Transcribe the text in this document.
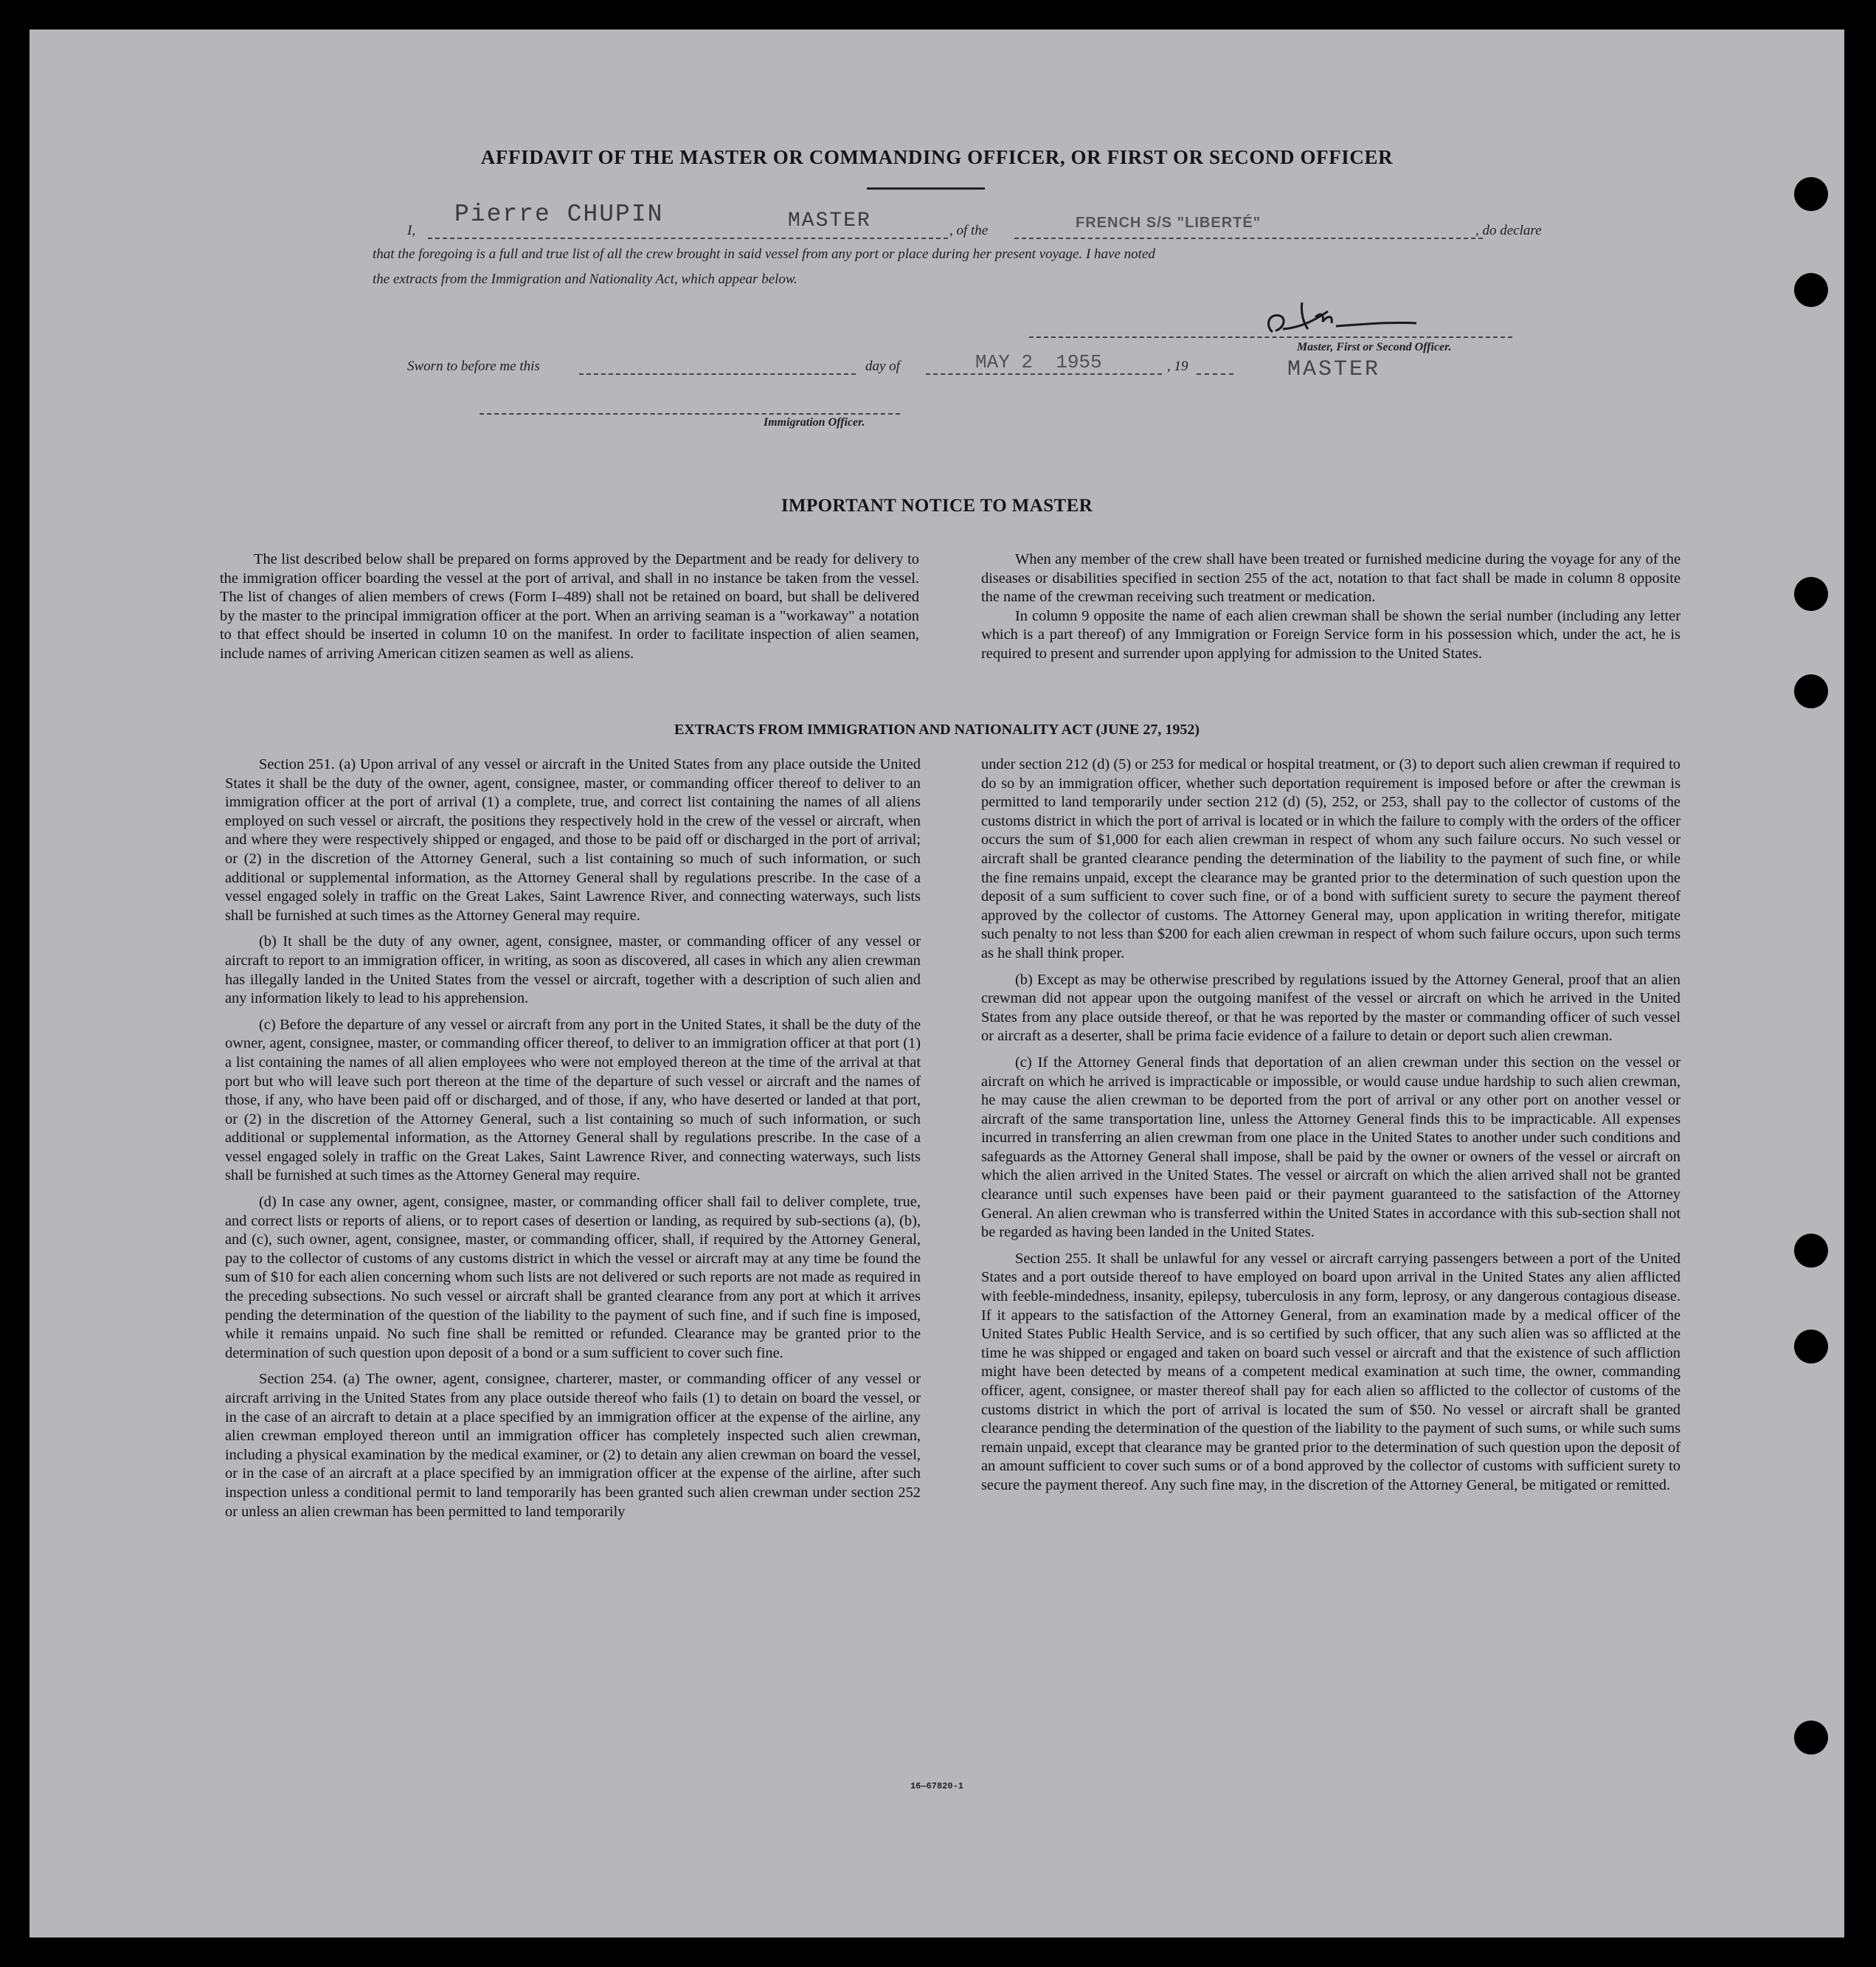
AFFIDAVIT OF THE MASTER OR COMMANDING OFFICER, OR FIRST OR SECOND OFFICER
I,
Pierre CHUPIN	MASTER	, of the	FRENCH S/S "LIBERTÉ"	, do declare
that the foregoing is a full and true list of all the crew brought in said vessel from any port or place during her present voyage. I have noted
the extracts from the Immigration and Nationality Act, which appear below.
Master, First or Second Officer.
MASTER
Sworn to before me this	day of	MAY 2  1955	, 19
Immigration Officer.
IMPORTANT NOTICE TO MASTER

The list described below shall be prepared on forms approved by the Department and be ready for delivery to the immigration officer boarding the vessel at the port of arrival, and shall in no instance be taken from the vessel. The list of changes of alien members of crews (Form I–489) shall not be retained on board, but shall be delivered by the master to the principal immigration officer at the port. When an arriving seaman is a "workaway" a notation to that effect should be inserted in column 10 on the manifest. In order to facilitate inspection of alien seamen, include names of arriving American citizen seamen as well as aliens.

When any member of the crew shall have been treated or furnished medicine during the voyage for any of the diseases or disabilities specified in section 255 of the act, notation to that fact shall be made in column 8 opposite the name of the crewman receiving such treatment or medication.

In column 9 opposite the name of each alien crewman shall be shown the serial number (including any letter which is a part thereof) of any Immigration or Foreign Service form in his possession which, under the act, he is required to present and surrender upon applying for admission to the United States.

EXTRACTS FROM IMMIGRATION AND NATIONALITY ACT (JUNE 27, 1952)

Section 251. (a) Upon arrival of any vessel or aircraft in the United States from any place outside the United States it shall be the duty of the owner, agent, consignee, master, or commanding officer thereof to deliver to an immigration officer at the port of arrival (1) a complete, true, and correct list containing the names of all aliens employed on such vessel or aircraft, the positions they respectively hold in the crew of the vessel or aircraft, when and where they were respectively shipped or engaged, and those to be paid off or discharged in the port of arrival; or (2) in the discretion of the Attorney General, such a list containing so much of such information, or such additional or supplemental information, as the Attorney General shall by regulations prescribe. In the case of a vessel engaged solely in traffic on the Great Lakes, Saint Lawrence River, and connecting waterways, such lists shall be furnished at such times as the Attorney General may require.

(b) It shall be the duty of any owner, agent, consignee, master, or commanding officer of any vessel or aircraft to report to an immigration officer, in writing, as soon as discovered, all cases in which any alien crewman has illegally landed in the United States from the vessel or aircraft, together with a description of such alien and any information likely to lead to his apprehension.

(c) Before the departure of any vessel or aircraft from any port in the United States, it shall be the duty of the owner, agent, consignee, master, or commanding officer thereof, to deliver to an immigration officer at that port (1) a list containing the names of all alien employees who were not employed thereon at the time of the arrival at that port but who will leave such port thereon at the time of the departure of such vessel or aircraft and the names of those, if any, who have been paid off or discharged, and of those, if any, who have deserted or landed at that port, or (2) in the discretion of the Attorney General, such a list containing so much of such information, or such additional or supplemental information, as the Attorney General shall by regulations prescribe. In the case of a vessel engaged solely in traffic on the Great Lakes, Saint Lawrence River, and connecting waterways, such lists shall be furnished at such times as the Attorney General may require.

(d) In case any owner, agent, consignee, master, or commanding officer shall fail to deliver complete, true, and correct lists or reports of aliens, or to report cases of desertion or landing, as required by sub-sections (a), (b), and (c), such owner, agent, consignee, master, or commanding officer, shall, if required by the Attorney General, pay to the collector of customs of any customs district in which the vessel or aircraft may at any time be found the sum of $10 for each alien concerning whom such lists are not delivered or such reports are not made as required in the preceding subsections. No such vessel or aircraft shall be granted clearance from any port at which it arrives pending the determination of the question of the liability to the payment of such fine, and if such fine is imposed, while it remains unpaid. No such fine shall be remitted or refunded. Clearance may be granted prior to the determination of such question upon deposit of a bond or a sum sufficient to cover such fine.

Section 254. (a) The owner, agent, consignee, charterer, master, or commanding officer of any vessel or aircraft arriving in the United States from any place outside thereof who fails (1) to detain on board the vessel, or in the case of an aircraft to detain at a place specified by an immigration officer at the expense of the airline, any alien crewman employed thereon until an immigration officer has completely inspected such alien crewman, including a physical examination by the medical examiner, or (2) to detain any alien crewman on board the vessel, or in the case of an aircraft at a place specified by an immigration officer at the expense of the airline, after such inspection unless a conditional permit to land temporarily has been granted such alien crewman under section 252 or unless an alien crewman has been permitted to land temporarily

under section 212 (d) (5) or 253 for medical or hospital treatment, or (3) to deport such alien crewman if required to do so by an immigration officer, whether such deportation requirement is imposed before or after the crewman is permitted to land temporarily under section 212 (d) (5), 252, or 253, shall pay to the collector of customs of the customs district in which the port of arrival is located or in which the failure to comply with the orders of the officer occurs the sum of $1,000 for each alien crewman in respect of whom any such failure occurs. No such vessel or aircraft shall be granted clearance pending the determination of the liability to the payment of such fine, or while the fine remains unpaid, except the clearance may be granted prior to the determination of such question upon the deposit of a sum sufficient to cover such fine, or of a bond with sufficient surety to secure the payment thereof approved by the collector of customs. The Attorney General may, upon application in writing therefor, mitigate such penalty to not less than $200 for each alien crewman in respect of whom such failure occurs, upon such terms as he shall think proper.

(b) Except as may be otherwise prescribed by regulations issued by the Attorney General, proof that an alien crewman did not appear upon the outgoing manifest of the vessel or aircraft on which he arrived in the United States from any place outside thereof, or that he was reported by the master or commanding officer of such vessel or aircraft as a deserter, shall be prima facie evidence of a failure to detain or deport such alien crewman.

(c) If the Attorney General finds that deportation of an alien crewman under this section on the vessel or aircraft on which he arrived is impracticable or impossible, or would cause undue hardship to such alien crewman, he may cause the alien crewman to be deported from the port of arrival or any other port on another vessel or aircraft of the same transportation line, unless the Attorney General finds this to be impracticable. All expenses incurred in transferring an alien crewman from one place in the United States to another under such conditions and safeguards as the Attorney General shall impose, shall be paid by the owner or owners of the vessel or aircraft on which the alien arrived in the United States. The vessel or aircraft on which the alien arrived shall not be granted clearance until such expenses have been paid or their payment guaranteed to the satisfaction of the Attorney General. An alien crewman who is transferred within the United States in accordance with this sub-section shall not be regarded as having been landed in the United States.

Section 255. It shall be unlawful for any vessel or aircraft carrying passengers between a port of the United States and a port outside thereof to have employed on board upon arrival in the United States any alien afflicted with feeble-mindedness, insanity, epilepsy, tuberculosis in any form, leprosy, or any dangerous contagious disease. If it appears to the satisfaction of the Attorney General, from an examination made by a medical officer of the United States Public Health Service, and is so certified by such officer, that any such alien was so afflicted at the time he was shipped or engaged and taken on board such vessel or aircraft and that the existence of such affliction might have been detected by means of a competent medical examination at such time, the owner, commanding officer, agent, consignee, or master thereof shall pay for each alien so afflicted to the collector of customs of the customs district in which the port of arrival is located the sum of $50. No vessel or aircraft shall be granted clearance pending the determination of the question of the liability to the payment of such sums, or while such sums remain unpaid, except that clearance may be granted prior to the determination of such question upon the deposit of an amount sufficient to cover such sums or of a bond approved by the collector of customs with sufficient surety to secure the payment thereof. Any such fine may, in the discretion of the Attorney General, be mitigated or remitted.

16—67820-1
